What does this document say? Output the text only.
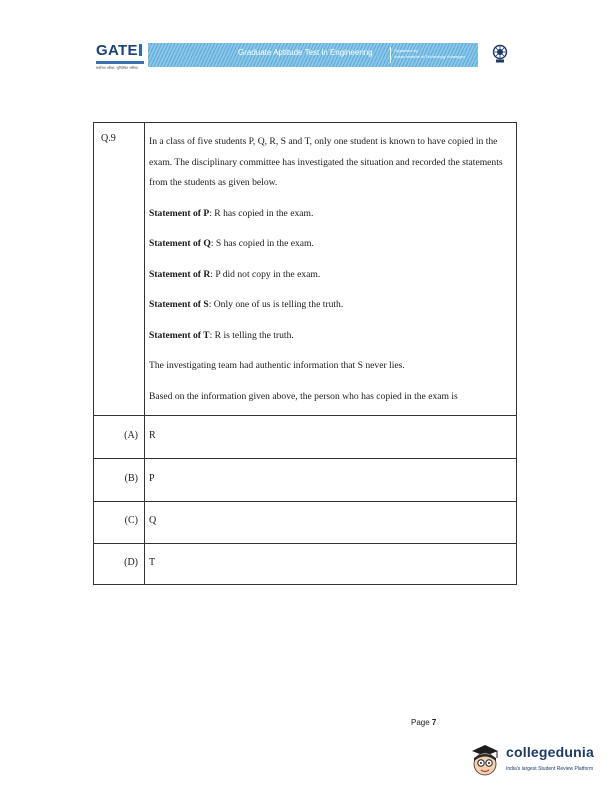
GATE
सर्वोत्तम परीक्षा, सुनिश्चित भविष्य
Graduate Aptitude Test in Engineering	Organised by
Indian Institute of Technology Kharagpur
Q.9	In a class of five students P, Q, R, S and T, only one student is known to have copied in the exam. The disciplinary committee has investigated the situation and recorded the statements from the students as given below.

Statement of P: R has copied in the exam.

Statement of Q: S has copied in the exam.

Statement of R: P did not copy in the exam.

Statement of S: Only one of us is telling the truth.

Statement of T: R is telling the truth.

The investigating team had authentic information that S never lies.

Based on the information given above, the person who has copied in the exam is

(A) R
(B) P
(C) Q
(D) T
Page 7
collegedunia
India's largest Student Review Platform
